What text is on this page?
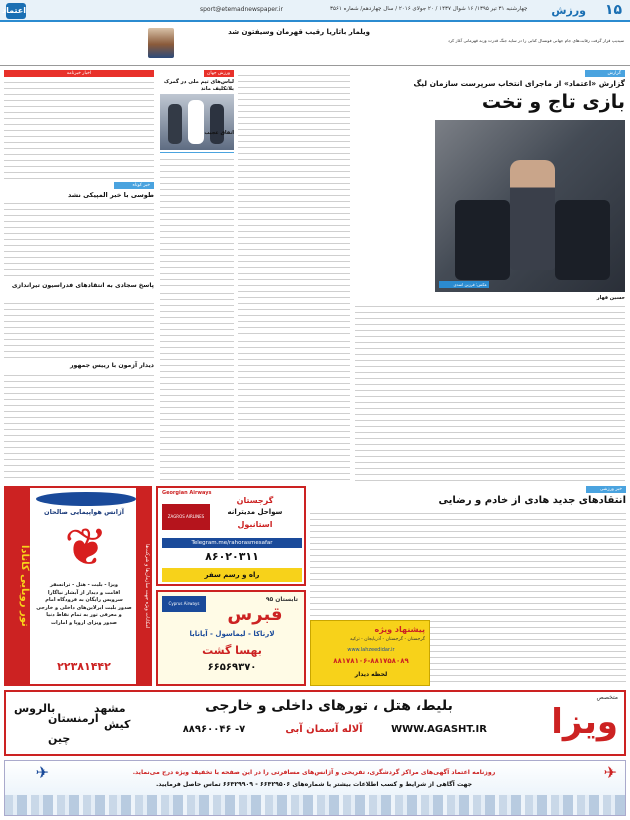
۱۵
ورزش
sport@etemadnewspaper.ir	چهارشنبه ۳۱ تیر ۱۳۹۵/ ۱۶ شوال ۱۴۳۷ / ۲۰ جولای ۲۰۱۶ / سال چهاردهم/ شماره ۳۵۶۱
اعتماد
ویلمار باتاریا رقیب قهرمان وسیفتون شد
سیدیپ قرار گرفت رقابت‌های جام جهانی فوتسال کتابی را در سایه جنگ قدرت وزنه قهرمانی آغاز کرد
گزارش
گزارش «اعتماد» از ماجرای انتخاب سرپرست سازمان لیگ
بازی تاج و تخت
عکس: فرزین اسدی
حسین قهار
ورزش جهان
لباس‌های تیم ملی در گمرک بلاتکلیف ماند
اتفاق عجیب
اخبار خبرنامه
خبر کوتاه
طوسی با خبر المپیکی نشد
پاسخ سجادی به انتقادهای فدراسیون تیراندازی
دیدار آزمون با رییس جمهور
خبر ورزشی
انتقادهای جدید هادی از خادم و رضایی
تور رویایی کانادا	امکانات ویژه جهت سازمان‌ها و شرکت‌ها
آژانس هواپیمایی صالحان
❦
ویزا - بلیت - هتل - ترانسفر
اقامت و دیدار از آبشار نیاگارا
سرویس رایگان به فرودگاه امام
صدور بلیت ایرلاین‌های داخلی و خارجی
و معرفی تور به تمام نقاط دنیا
صدور ویزای اروپا و امارات
۲۲۳۸۱۴۴۲
Georgian Airways
گرجستان
سواحل مدیترانه
استانبول
ZAGROS AIRLINES
Telegram.me/rahorasmesafar
۸۶۰۲۰۳۱۱
راه و رسم سفر
Cyprus Airways
تابستان ۹۵
قبرس
لارناکا - لیماسول - آیانابا
بهسا گشت
۶۶۵۶۹۳۷۰
پیشنهاد ویژه
گرجستان - گرجستان - آذربایجان - ترکیه
www.lahzeedidar.ir
۸۸۱۷۸۱۰۶-۸۸۱۷۵۸۰۸۹
لحظه دیدار
متخصص
ویزا
بلیط، هتل ، تورهای داخلی و خارجی
WWW.AGASHT.IR
آلاله آسمان آبی
۷- ۸۸۹۶۰۰۴۶
بالروس
ارمنستان
مشهد
کیش
چین
✈
✈	روزنامه اعتماد آگهی‌های مراکز گردشگری، تفریحی و آژانس‌های مسافرتی را در این صفحه با تخفیف ویژه درج می‌نماید.
جهت آگاهی از شرایط و کسب اطلاعات بیشتر با شماره‌های ۶۶۴۲۹۵۰۶ - ۶۶۴۲۹۹۰۹ تماس حاصل فرمایید.
